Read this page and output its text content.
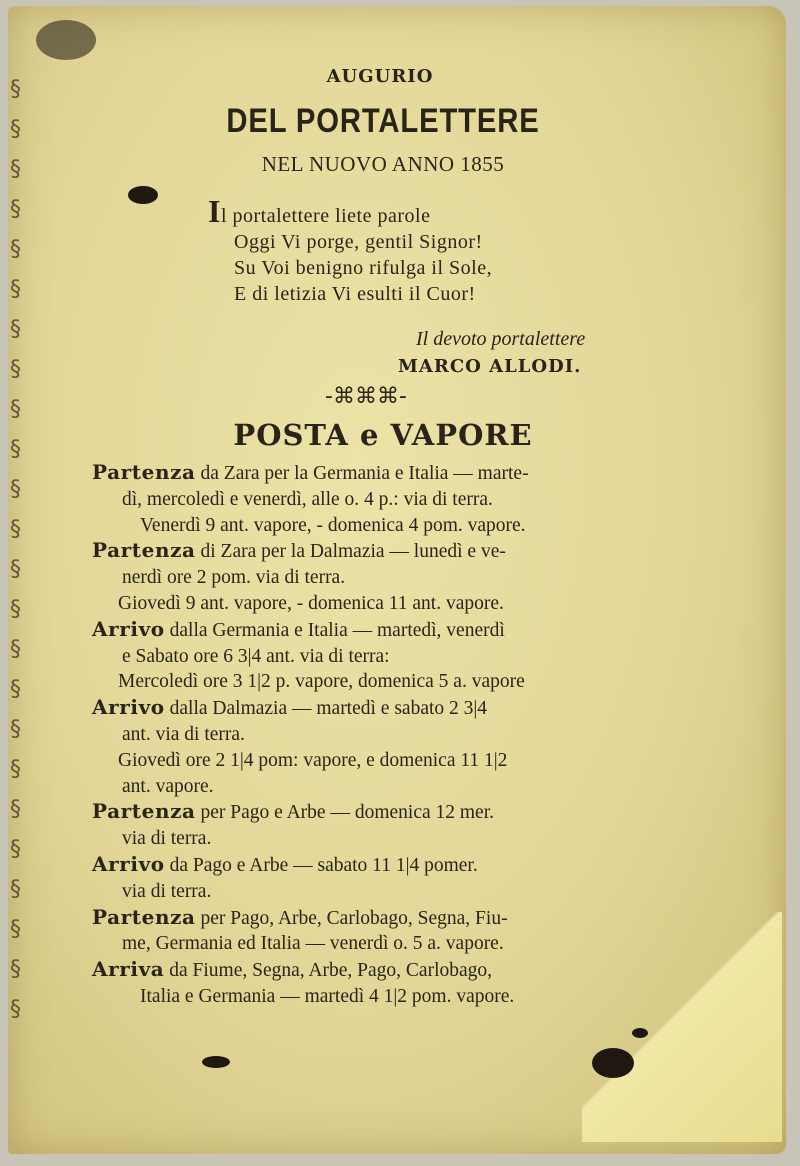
§
§
§
§
§
§
§
§
§
§
§
§
§
§
§
§
§
§
§
§
§
§
§
§
AUGURIO
DEL PORTALETTERE
NEL NUOVO ANNO 1855
Il portalettere liete parole
Oggi Vi porge, gentil Signor!
Su Voi benigno rifulga il Sole,
E di letizia Vi esulti il Cuor!
Il devoto portalettere
MARCO ALLODI.
-⌘⌘⌘-
POSTA e VAPORE
Partenza da Zara per la Germania e Italia — marte-
dì, mercoledì e venerdì, alle o. 4 p.: via di terra.
Venerdì 9 ant. vapore, - domenica 4 pom. vapore.
Partenza di Zara per la Dalmazia — lunedì e ve-
nerdì ore 2 pom. via di terra.
Giovedì 9 ant. vapore, - domenica 11 ant. vapore.
Arrivo dalla Germania e Italia — martedì, venerdì
e Sabato ore 6 3|4 ant. via di terra:
Mercoledì ore 3 1|2 p. vapore, domenica 5 a. vapore
Arrivo dalla Dalmazia — martedì e sabato 2 3|4
ant. via di terra.
Giovedì ore 2 1|4 pom: vapore, e domenica 11 1|2
ant. vapore.
Partenza per Pago e Arbe — domenica 12 mer.
via di terra.
Arrivo da Pago e Arbe — sabato 11 1|4 pomer.
via di terra.
Partenza per Pago, Arbe, Carlobago, Segna, Fiu-
me, Germania ed Italia — venerdì o. 5 a. vapore.
Arriva da Fiume, Segna, Arbe, Pago, Carlobago,
Italia e Germania — martedì 4 1|2 pom. vapore.
